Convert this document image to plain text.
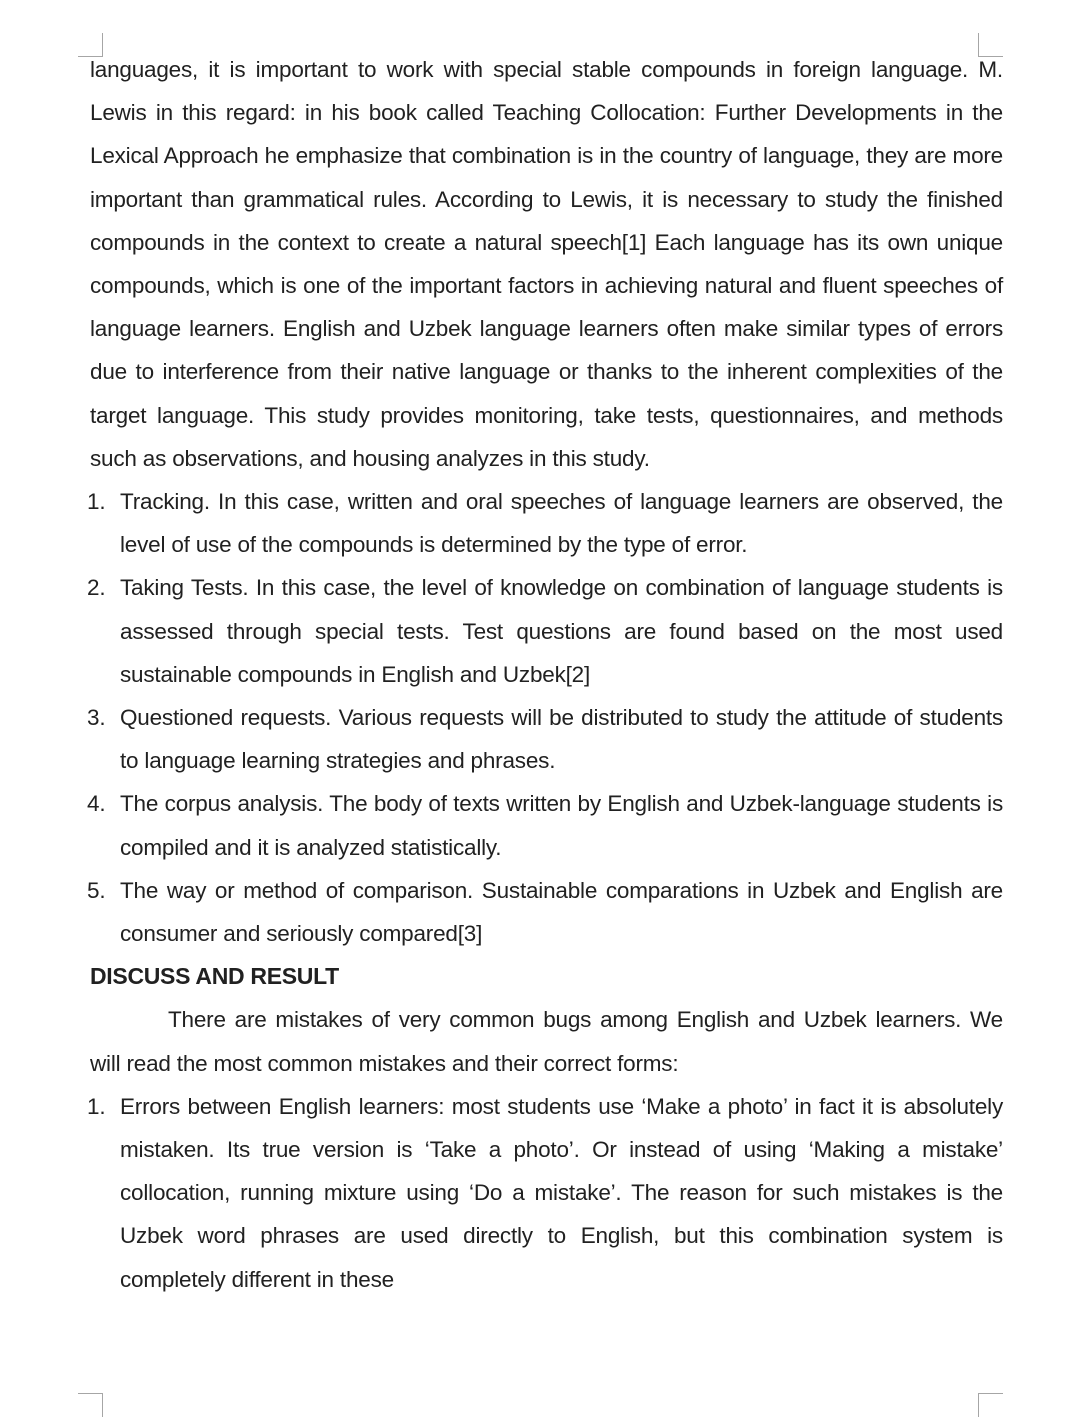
languages, it is important to work with special stable compounds in foreign language. M. Lewis in this regard: in his book called Teaching Collocation: Further Developments in the Lexical Approach he emphasize that combination is in the country of language, they are more important than grammatical rules. According to Lewis, it is necessary to study the finished compounds in the context to create a natural speech[1] Each language has its own unique compounds, which is one of the important factors in achieving natural and fluent speeches of language learners. English and Uzbek language learners often make similar types of errors due to interference from their native language or thanks to the inherent complexities of the target language. This study provides monitoring, take tests, questionnaires, and methods such as observations, and housing analyzes in this study.

1. Tracking. In this case, written and oral speeches of language learners are observed, the level of use of the compounds is determined by the type of error.
2. Taking Tests. In this case, the level of knowledge on combination of language students is assessed through special tests. Test questions are found based on the most used sustainable compounds in English and Uzbek[2]
3. Questioned requests. Various requests will be distributed to study the attitude of students to language learning strategies and phrases.
4. The corpus analysis. The body of texts written by English and Uzbek-language students is compiled and it is analyzed statistically.
5. The way or method of comparison. Sustainable comparations in Uzbek and English are consumer and seriously compared[3]
DISCUSS AND RESULT

There are mistakes of very common bugs among English and Uzbek learners. We will read the most common mistakes and their correct forms:

1. Errors between English learners: most students use ‘Make a photo’ in fact it is absolutely mistaken. Its true version is ‘Take a photo’. Or instead of using ‘Making a mistake’ collocation, running mixture using ‘Do a mistake’. The reason for such mistakes is the Uzbek word phrases are used directly to English, but this combination system is completely different in these
